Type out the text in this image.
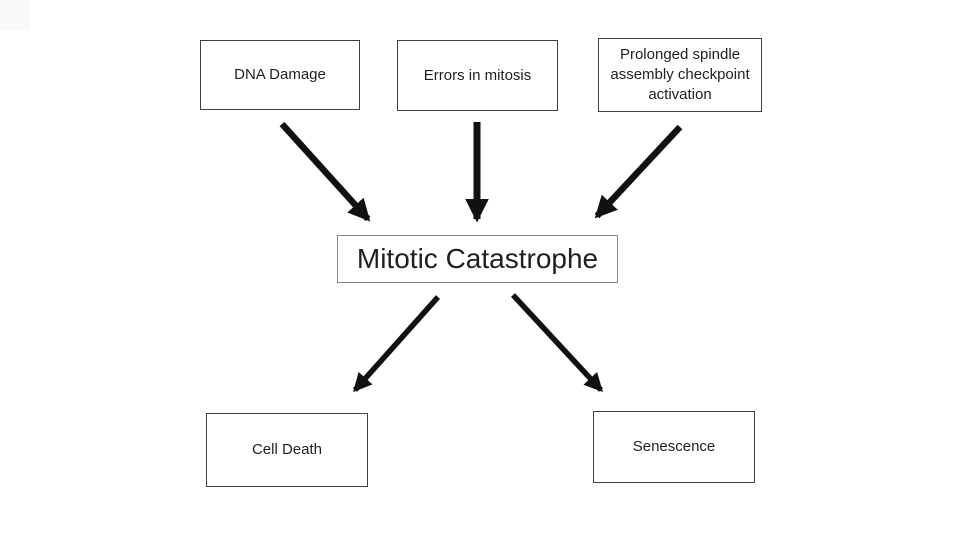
DNA Damage	Errors in mitosis
Prolonged spindle assembly checkpoint activation
Mitotic Catastrophe
Cell Death	Senescence
